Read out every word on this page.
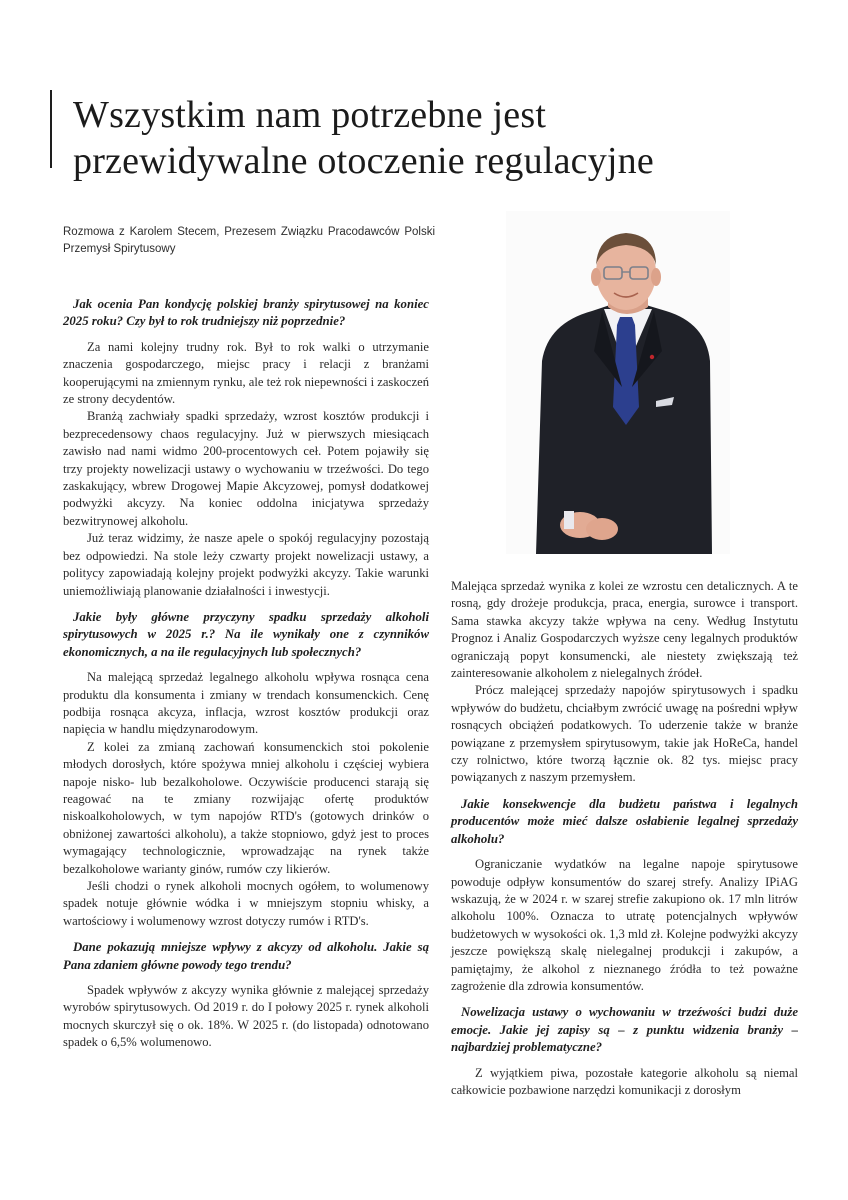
Wszystkim nam potrzebne jest
przewidywalne otoczenie regulacyjne

Rozmowa z Karolem Stecem, Prezesem Związku Pracodawców Polski Przemysł Spirytusowy

Jak ocenia Pan kondycję polskiej branży spirytusowej na koniec 2025 roku? Czy był to rok trudniejszy niż poprzednie?

Za nami kolejny trudny rok. Był to rok walki o utrzymanie znaczenia gospodarczego, miejsc pracy i relacji z branżami kooperującymi na zmiennym rynku, ale też rok niepewności i zaskoczeń ze strony decydentów.

Branżą zachwiały spadki sprzedaży, wzrost kosztów produkcji i bezprecedensowy chaos regulacyjny. Już w pierwszych miesiącach zawisło nad nami widmo 200-procentowych ceł. Potem pojawiły się trzy projekty nowelizacji ustawy o wychowaniu w trzeźwości. Do tego zaskakujący, wbrew Drogowej Mapie Akcyzowej, pomysł dodatkowej podwyżki akcyzy. Na koniec oddolna inicjatywa sprzedaży bezwitrynowej alkoholu.

Już teraz widzimy, że nasze apele o spokój regulacyjny pozostają bez odpowiedzi. Na stole leży czwarty projekt nowelizacji ustawy, a politycy zapowiadają kolejny projekt podwyżki akcyzy. Takie warunki uniemożliwiają planowanie działalności i inwestycji.

Jakie były główne przyczyny spadku sprzedaży alkoholi spirytusowych w 2025 r.? Na ile wynikały one z czynników ekonomicznych, a na ile regulacyjnych lub społecznych?

Na malejącą sprzedaż legalnego alkoholu wpływa rosnąca cena produktu dla konsumenta i zmiany w trendach konsumenckich. Cenę podbija rosnąca akcyza, inflacja, wzrost kosztów produkcji oraz napięcia w handlu międzynarodowym.

Z kolei za zmianą zachowań konsumenckich stoi pokolenie młodych dorosłych, które spożywa mniej alkoholu i częściej wybiera napoje nisko- lub bezalkoholowe. Oczywiście producenci starają się reagować na te zmiany rozwijając ofertę produktów niskoalkoholowych, w tym napojów RTD's (gotowych drinków o obniżonej zawartości alkoholu), a także stopniowo, gdyż jest to proces wymagający technologicznie, wprowadzając na rynek także bezalkoholowe warianty ginów, rumów czy likierów.

Jeśli chodzi o rynek alkoholi mocnych ogółem, to wolumenowy spadek notuje głównie wódka i w mniejszym stopniu whisky, a wartościowy i wolumenowy wzrost dotyczy rumów i RTD's.

Dane pokazują mniejsze wpływy z akcyzy od alkoholu. Jakie są Pana zdaniem główne powody tego trendu?

Spadek wpływów z akcyzy wynika głównie z malejącej sprzedaży wyrobów spirytusowych. Od 2019 r. do I połowy 2025 r. rynek alkoholi mocnych skurczył się o ok. 18%. W 2025 r. (do listopada) odnotowano spadek o 6,5% wolumenowo.

Malejąca sprzedaż wynika z kolei ze wzrostu cen detalicznych. A te rosną, gdy drożeje produkcja, praca, energia, surowce i transport. Sama stawka akcyzy także wpływa na ceny. Według Instytutu Prognoz i Analiz Gospodarczych wyższe ceny legalnych produktów ograniczają popyt konsumencki, ale niestety zwiększają też zainteresowanie alkoholem z nielegalnych źródeł.

Prócz malejącej sprzedaży napojów spirytusowych i spadku wpływów do budżetu, chciałbym zwrócić uwagę na pośredni wpływ rosnących obciążeń podatkowych. To uderzenie także w branże powiązane z przemysłem spirytusowym, takie jak HoReCa, handel czy rolnictwo, które tworzą łącznie ok. 82 tys. miejsc pracy powiązanych z naszym przemysłem.

Jakie konsekwencje dla budżetu państwa i legalnych producentów może mieć dalsze osłabienie legalnej sprzedaży alkoholu?

Ograniczanie wydatków na legalne napoje spirytusowe powoduje odpływ konsumentów do szarej strefy. Analizy IPiAG wskazują, że w 2024 r. w szarej strefie zakupiono ok. 17 mln litrów alkoholu 100%. Oznacza to utratę potencjalnych wpływów budżetowych w wysokości ok. 1,3 mld zł. Kolejne podwyżki akcyzy jeszcze powiększą skalę nielegalnej produkcji i zakupów, a pamiętajmy, że alkohol z nieznanego źródła to też poważne zagrożenie dla zdrowia konsumentów.

Nowelizacja ustawy o wychowaniu w trzeźwości budzi duże emocje. Jakie jej zapisy są – z punktu widzenia branży – najbardziej problematyczne?

Z wyjątkiem piwa, pozostałe kategorie alkoholu są niemal całkowicie pozbawione narzędzi komunikacji z dorosłym
